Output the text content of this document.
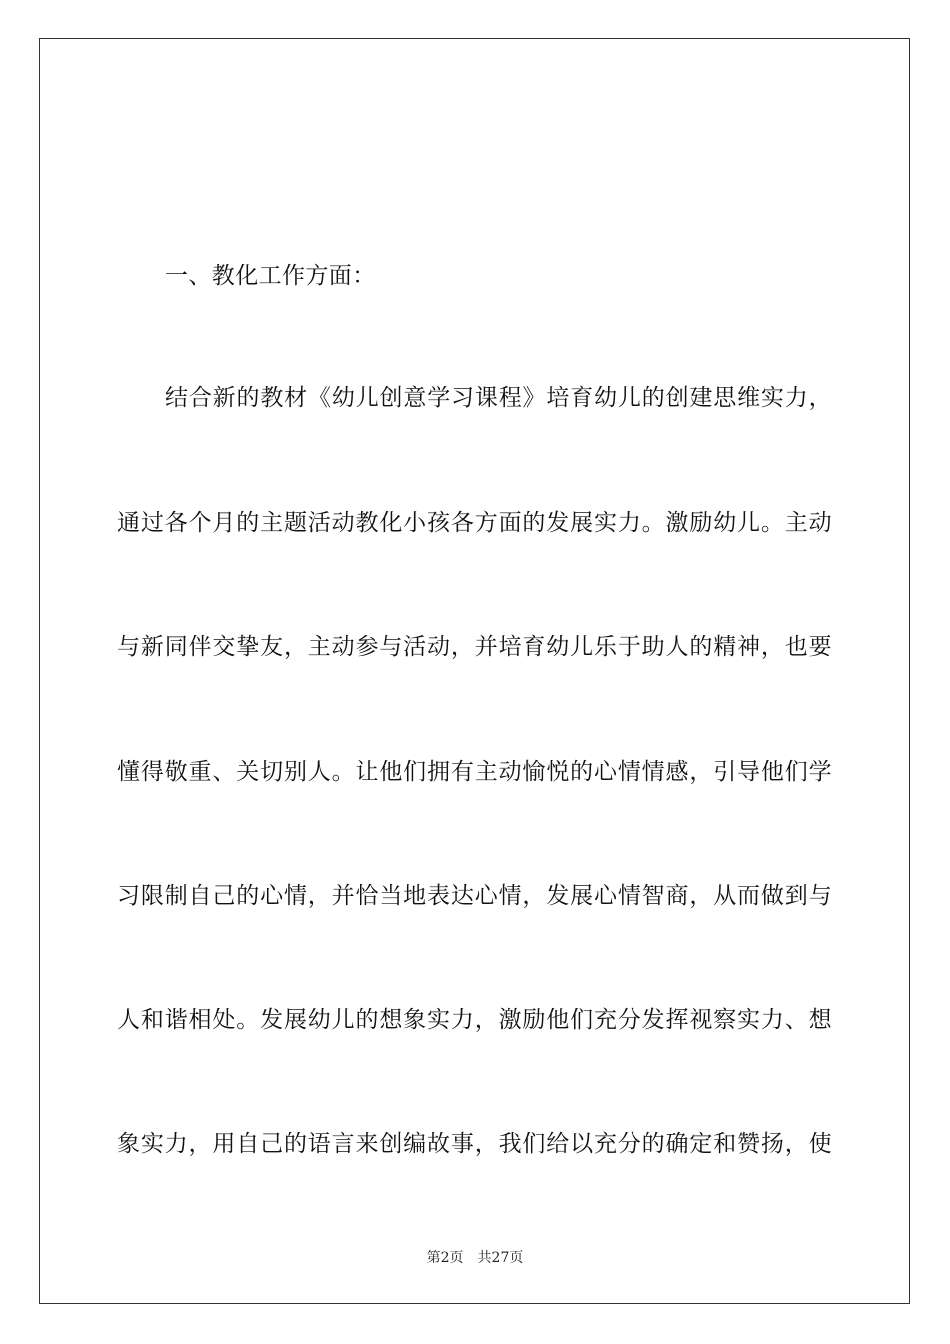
一、教化工作方面：
结合新的教材《幼儿创意学习课程》培育幼儿的创建思维实力，
通过各个月的主题活动教化小孩各方面的发展实力。激励幼儿。主动
与新同伴交挚友，主动参与活动，并培育幼儿乐于助人的精神，也要
懂得敬重、关切别人。让他们拥有主动愉悦的心情情感，引导他们学
习限制自己的心情，并恰当地表达心情，发展心情智商，从而做到与
人和谐相处。发展幼儿的想象实力，激励他们充分发挥视察实力、想
象实力，用自己的语言来创编故事，我们给以充分的确定和赞扬，使
第2页 共27页
